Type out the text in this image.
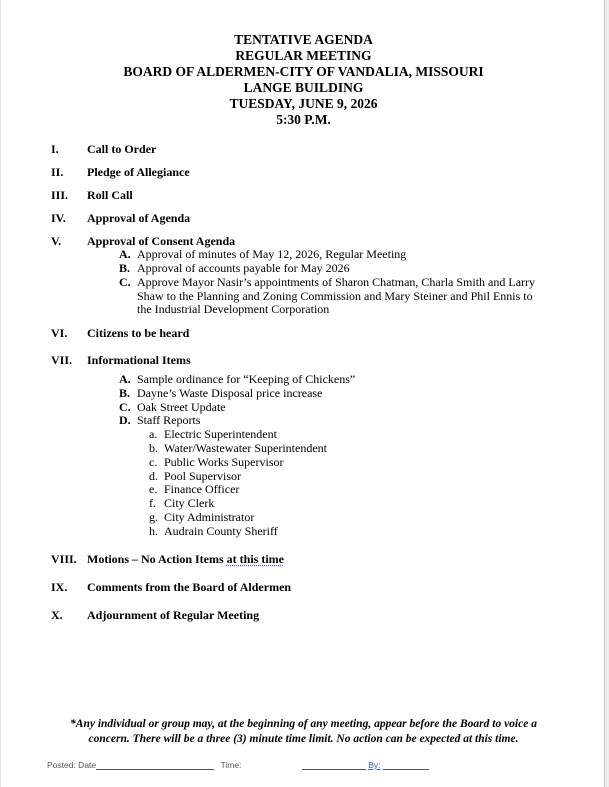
TENTATIVE AGENDA
REGULAR MEETING
BOARD OF ALDERMEN-CITY OF VANDALIA, MISSOURI
LANGE BUILDING
TUESDAY, JUNE 9, 2026
5:30 P.M.
I. Call to Order
II. Pledge of Allegiance
III. Roll Call
IV. Approval of Agenda
V. Approval of Consent Agenda
A. Approval of minutes of May 12, 2026, Regular Meeting
B. Approval of accounts payable for May 2026
C. Approve Mayor Nasir’s appointments of Sharon Chatman, Charla Smith and Larry Shaw to the Planning and Zoning Commission and Mary Steiner and Phil Ennis to the Industrial Development Corporation
VI. Citizens to be heard
VII. Informational Items
A. Sample ordinance for “Keeping of Chickens”
B. Dayne’s Waste Disposal price increase
C. Oak Street Update
D. Staff Reports
a. Electric Superintendent
b. Water/Wastewater Superintendent
c. Public Works Supervisor
d. Pool Supervisor
e. Finance Officer
f. City Clerk
g. City Administrator
h. Audrain County Sheriff
VIII. Motions – No Action Items at this time
IX. Comments from the Board of Aldermen
X. Adjournment of Regular Meeting
*Any individual or group may, at the beginning of any meeting, appear before the Board to voice a
concern. There will be a three (3) minute time limit. No action can be expected at this time.
Posted: Date	Time:	By:
